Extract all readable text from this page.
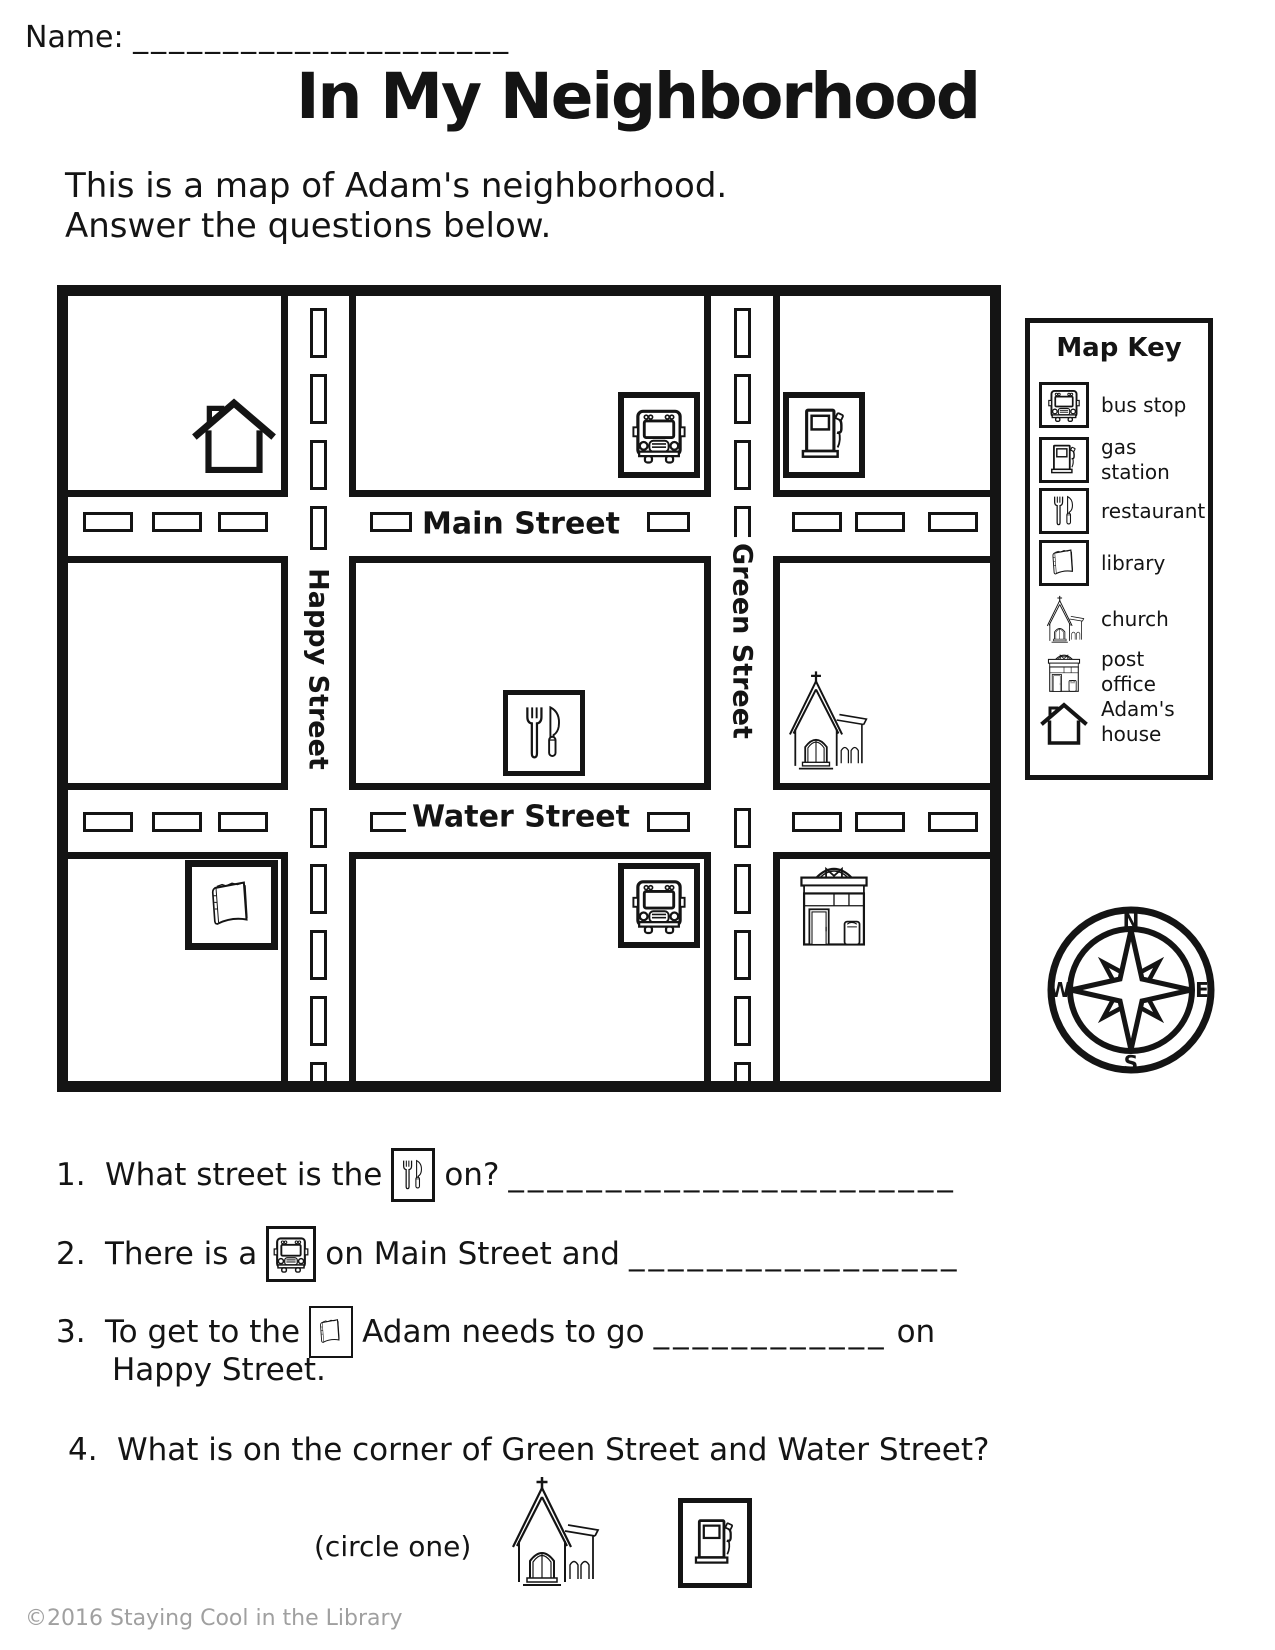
Name: _____________________
In My Neighborhood
This is a map of Adam's neighborhood.
Answer the questions below.
Main Street
Water Street
Happy Street	Green Street
Map Key
bus stop
gas station
restaurant
library
church
post office
Adam's house
N
E
S
W
1. What street is the on? _______________________
2. There is a on Main Street and _________________
3. To get to the Adam needs to go ____________ on
Happy Street.
4. What is on the corner of Green Street and Water Street?
(circle one)
©2016 Staying Cool in the Library
